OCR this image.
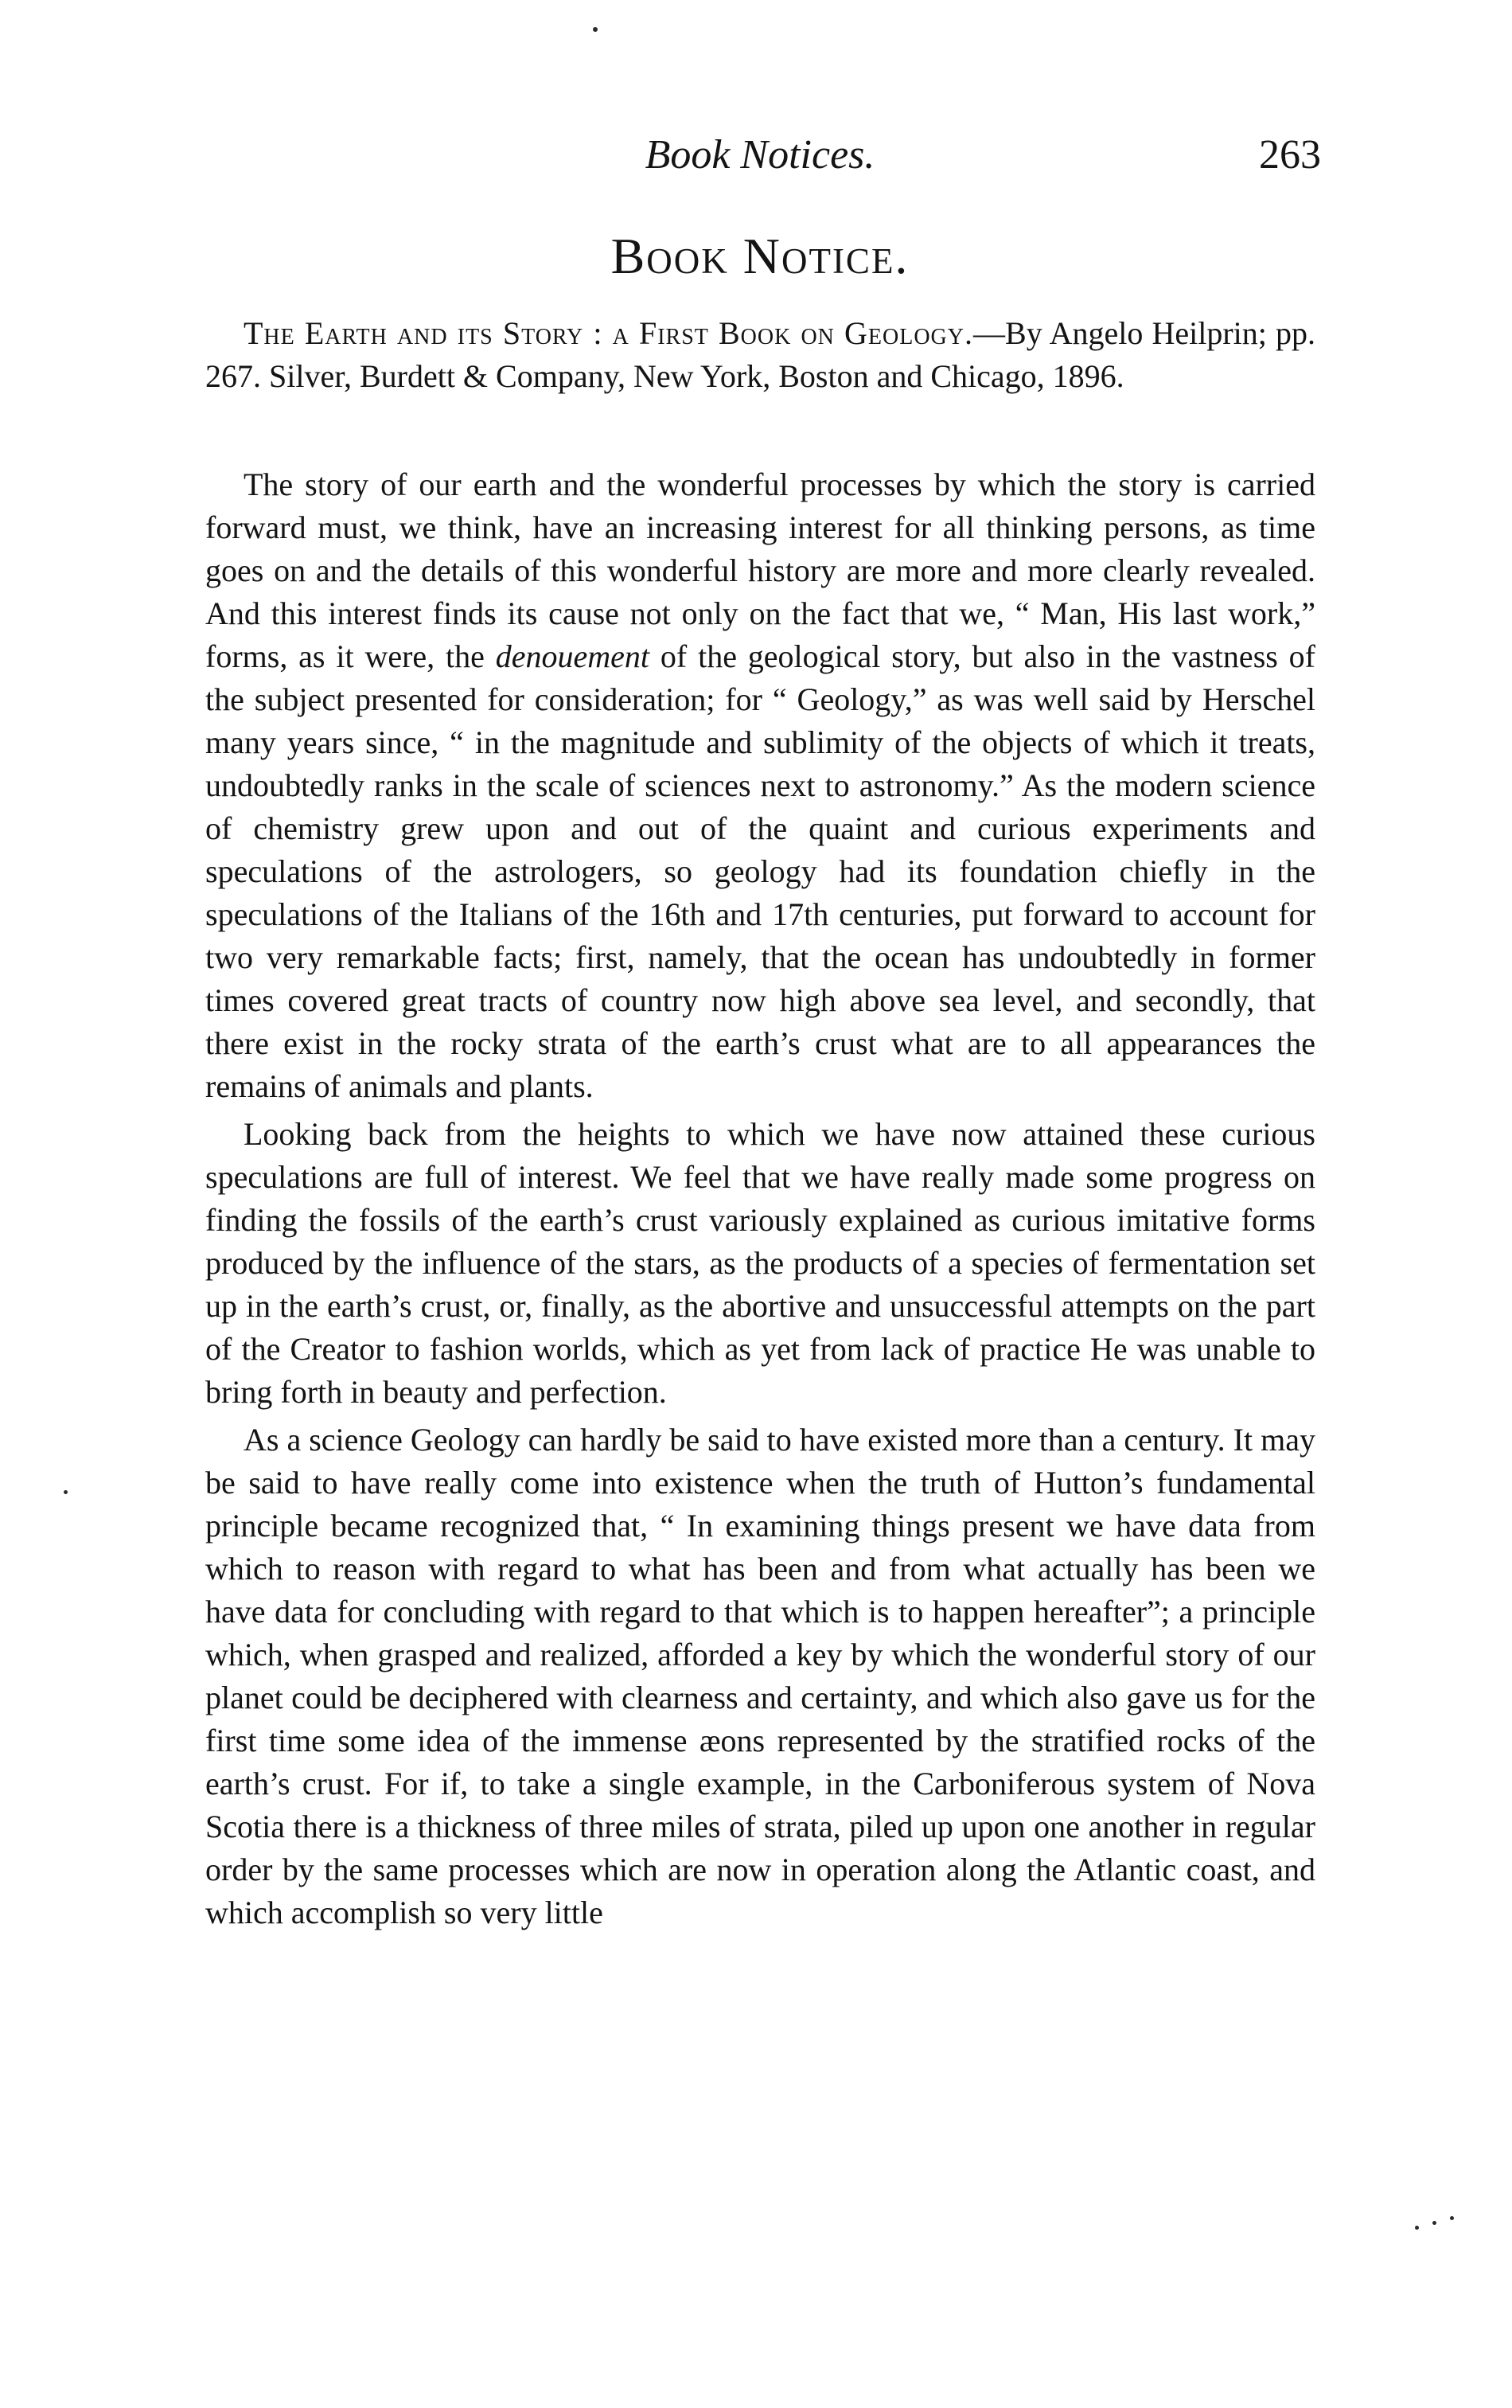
Book Notices.	263
Book Notice.

The Earth and its Story : a First Book on Geology.—By Angelo Heilprin; pp. 267. Silver, Burdett & Company, New York, Boston and Chicago, 1896.

The story of our earth and the wonderful processes by which the story is carried forward must, we think, have an increasing interest for all thinking persons, as time goes on and the details of this wonderful history are more and more clearly revealed. And this interest finds its cause not only on the fact that we, “ Man, His last work,” forms, as it were, the denouement of the geological story, but also in the vastness of the subject presented for consideration; for “ Geology,” as was well said by Herschel many years since, “ in the magnitude and sublimity of the objects of which it treats, undoubtedly ranks in the scale of sciences next to astronomy.” As the modern science of chemistry grew upon and out of the quaint and curious experiments and speculations of the astrologers, so geology had its foundation chiefly in the speculations of the Italians of the 16th and 17th centuries, put forward to account for two very remarkable facts; first, namely, that the ocean has undoubtedly in former times covered great tracts of country now high above sea level, and secondly, that there exist in the rocky strata of the earth’s crust what are to all appearances the remains of animals and plants.

Looking back from the heights to which we have now attained these curious speculations are full of interest. We feel that we have really made some progress on finding the fossils of the earth’s crust variously explained as curious imitative forms produced by the influence of the stars, as the products of a species of fermentation set up in the earth’s crust, or, finally, as the abortive and unsuccessful attempts on the part of the Creator to fashion worlds, which as yet from lack of practice He was unable to bring forth in beauty and perfection.

As a science Geology can hardly be said to have existed more than a century. It may be said to have really come into existence when the truth of Hutton’s fundamental principle became recognized that, “ In examining things present we have data from which to reason with regard to what has been and from what actually has been we have data for concluding with regard to that which is to happen hereafter”; a principle which, when grasped and realized, afforded a key by which the wonderful story of our planet could be deciphered with clearness and certainty, and which also gave us for the first time some idea of the immense æons represented by the stratified rocks of the earth’s crust. For if, to take a single example, in the Carboniferous system of Nova Scotia there is a thickness of three miles of strata, piled up upon one another in regular order by the same processes which are now in operation along the Atlantic coast, and which accomplish so very little
